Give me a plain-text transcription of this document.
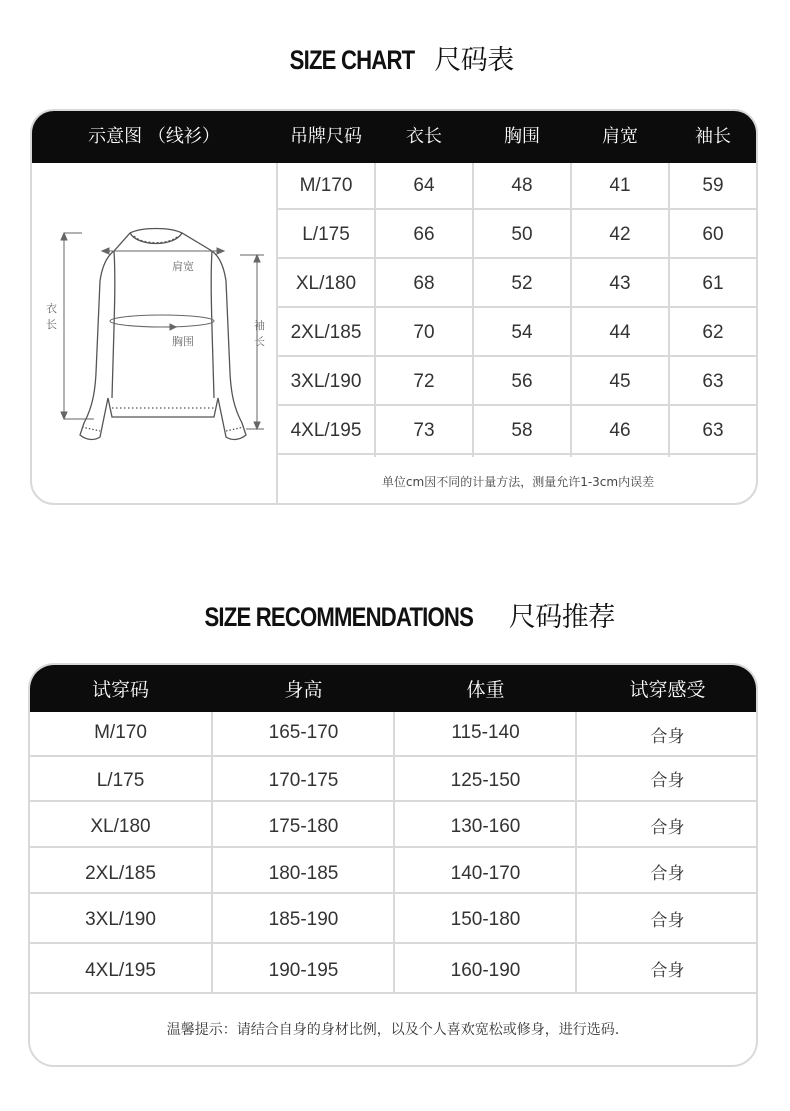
SIZE CHART 尺码表
示意图 （线衫）	吊牌尺码	衣长	胸围	肩宽	袖长
M/170	64	48	41	59
L/175	66	50	42	60
XL/180	68	52	43	61
2XL/185	70	54	44	62
3XL/190	72	56	45	63
4XL/195	73	58	46	63
单位cm因不同的计量方法，测量允许1-3cm内误差
肩宽
胸围
衣
长	袖
长
SIZE RECOMMENDATIONS 尺码推荐
试穿码	身高	体重	试穿感受
M/170	165-170	115-140	合身
L/175	170-175	125-150	合身
XL/180	175-180	130-160	合身
2XL/185	180-185	140-170	合身
3XL/190	185-190	150-180	合身
4XL/195	190-195	160-190	合身
温馨提示：请结合自身的身材比例，以及个人喜欢宽松或修身，进行选码.
